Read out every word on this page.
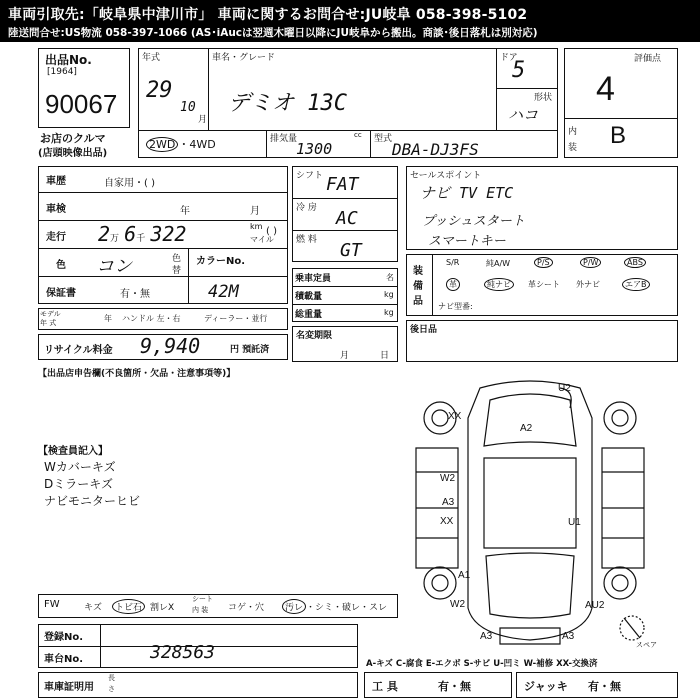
車両引取先:「岐阜県中津川市」 車両に関するお問合せ:JU岐阜 058-398-5102
陸送問合せ:US物流 058-397-1066 (AS･iAucは翌週木曜日以降にJU岐阜から搬出。商談･後日落札は別対応)
出品No.
[1964]
90067
お店のクルマ
(店頭映像出品)
年式
29
10
月
車名・グレード
デミオ 13C
ドア
5
形状
ハコ
2WD ・4WD	排気量	cc
1300
型式
DBA-DJ3FS
評価点
4
内
装 B
車歴	自家用・( )
車検	年	月
走行 2万 6千 322	km
マイル
( )
色 コン	色
替
カラーNo.
42M
保証書	有・無
モデル
年 式	年 ハンドル 左・右	ディーラー・並行
リサイクル料金 9,940	円 預託済
シフト FAT
冷 房 AC
燃 料 GT
乗車定員	名
積載量	kg
総重量	kg
名変期限
月	日
セールスポイント
ナビ TV ETC
プッシュスタート
スマートキー
装
備
品
S/R	純A/W	P/S	P/W	ABS
革	純ナビ	革シート 外ナビ	エアB
ナビ型番:
後日品
【出品店申告欄(不良箇所・欠品・注意事項等)】
【検査員記入】
Wカバーキズ
Dミラーキズ
ナビモニターヒビ
U2
XX
A2
W2
A3
XX	U1
A1
W2	AU2
A3	A3
スペア
FW	キズ	トビ石 割レX
シート
内 装 コゲ・穴	汚レ ・シミ・破レ・スレ
登録No.
車台No.	328563
車庫証明用
長
さ
A-キズ C-腐食 E-エクボ S-サビ U-凹ミ W-補修 XX-交換済
工 具	有・無	ジャッキ 有・無
